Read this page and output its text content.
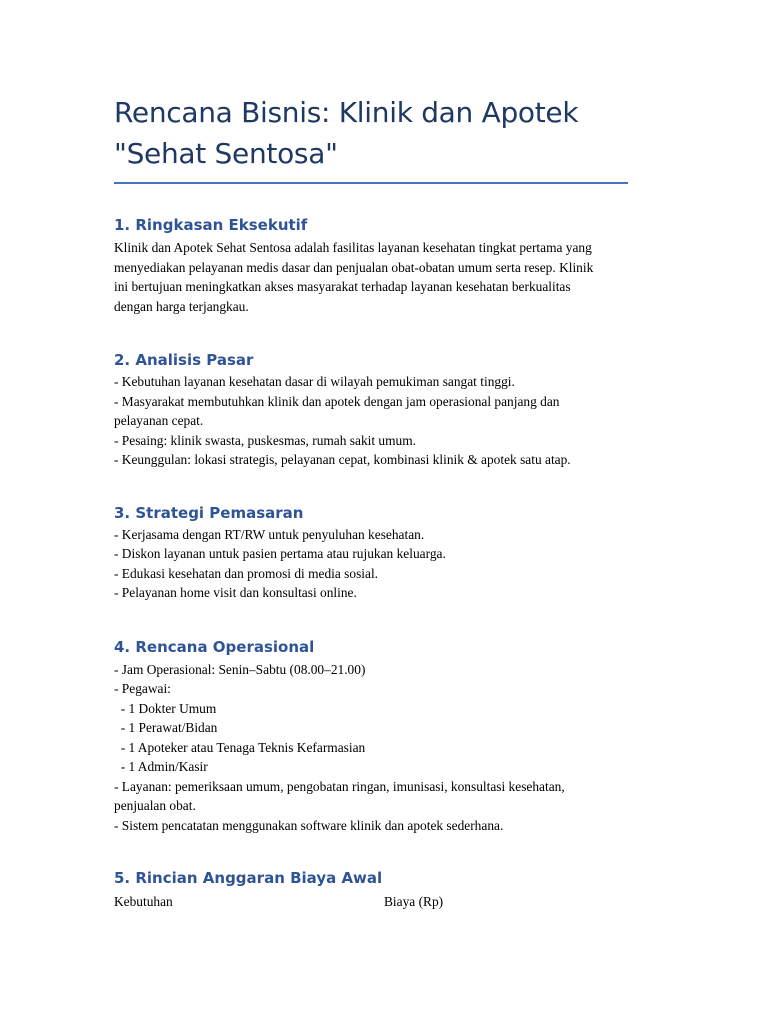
Rencana Bisnis: Klinik dan Apotek
"Sehat Sentosa"
1. Ringkasan Eksekutif

Klinik dan Apotek Sehat Sentosa adalah fasilitas layanan kesehatan tingkat pertama yang
menyediakan pelayanan medis dasar dan penjualan obat-obatan umum serta resep. Klinik
ini bertujuan meningkatkan akses masyarakat terhadap layanan kesehatan berkualitas
dengan harga terjangkau.

2. Analisis Pasar

- Kebutuhan layanan kesehatan dasar di wilayah pemukiman sangat tinggi.
- Masyarakat membutuhkan klinik dan apotek dengan jam operasional panjang dan
pelayanan cepat.
- Pesaing: klinik swasta, puskesmas, rumah sakit umum.
- Keunggulan: lokasi strategis, pelayanan cepat, kombinasi klinik & apotek satu atap.

3. Strategi Pemasaran

- Kerjasama dengan RT/RW untuk penyuluhan kesehatan.
- Diskon layanan untuk pasien pertama atau rujukan keluarga.
- Edukasi kesehatan dan promosi di media sosial.
- Pelayanan home visit dan konsultasi online.

4. Rencana Operasional

- Jam Operasional: Senin–Sabtu (08.00–21.00)
- Pegawai:
- 1 Dokter Umum
- 1 Perawat/Bidan
- 1 Apoteker atau Tenaga Teknis Kefarmasian
- 1 Admin/Kasir
- Layanan: pemeriksaan umum, pengobatan ringan, imunisasi, konsultasi kesehatan,
penjualan obat.
- Sistem pencatatan menggunakan software klinik dan apotek sederhana.

5. Rincian Anggaran Biaya Awal
Kebutuhan	Biaya (Rp)
